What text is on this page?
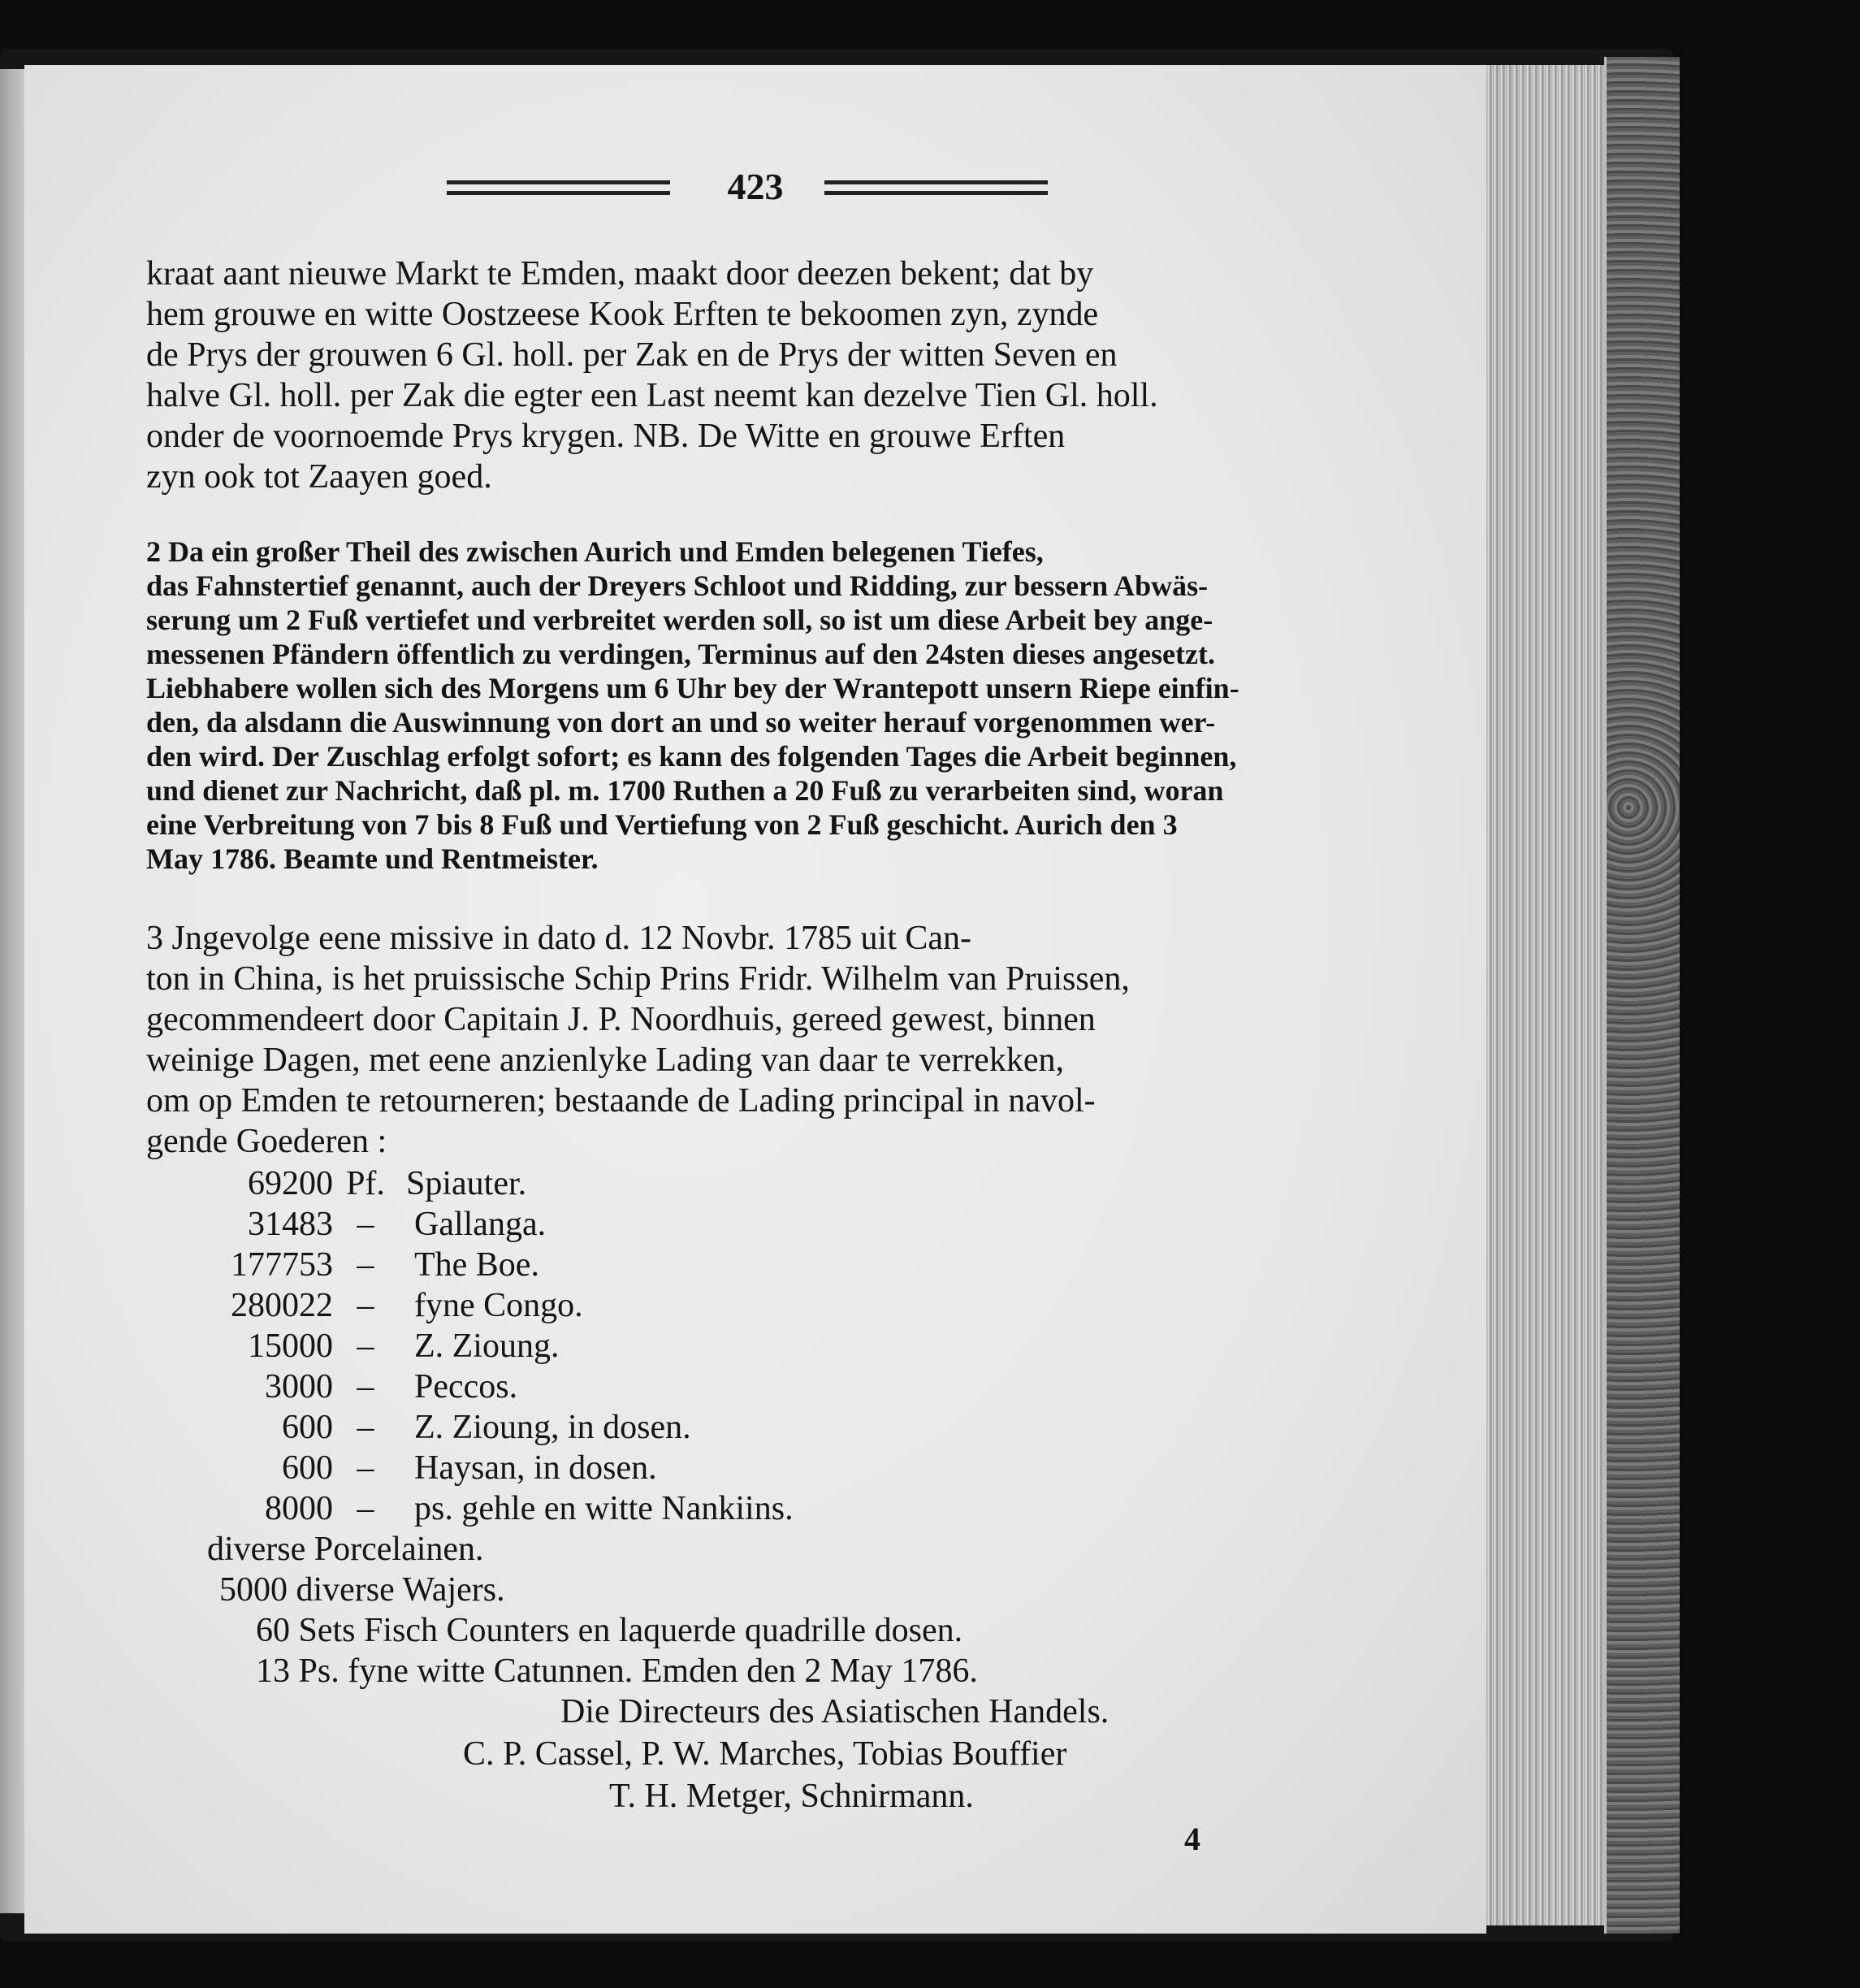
423

kraat aant nieuwe Markt te Emden, maakt door deezen bekent; dat by

hem grouwe en witte Oostzeese Kook Erften te bekoomen zyn, zynde

de Prys der grouwen 6 Gl. holl. per Zak en de Prys der witten Seven en

halve Gl. holl. per Zak die egter een Last neemt kan dezelve Tien Gl. holl.

onder de voornoemde Prys krygen. NB. De Witte en grouwe Erften

zyn ook tot Zaayen goed.

2 Da ein großer Theil des zwischen Aurich und Emden belegenen Tiefes,

das Fahnstertief genannt, auch der Dreyers Schloot und Ridding, zur bessern Abwäs-

serung um 2 Fuß vertiefet und verbreitet werden soll, so ist um diese Arbeit bey ange-

messenen Pfändern öffentlich zu verdingen, Terminus auf den 24sten dieses angesetzt.

Liebhabere wollen sich des Morgens um 6 Uhr bey der Wrantepott unsern Riepe einfin-

den, da alsdann die Auswinnung von dort an und so weiter herauf vorgenommen wer-

den wird. Der Zuschlag erfolgt sofort; es kann des folgenden Tages die Arbeit beginnen,

und dienet zur Nachricht, daß pl. m. 1700 Ruthen a 20 Fuß zu verarbeiten sind, woran

eine Verbreitung von 7 bis 8 Fuß und Vertiefung von 2 Fuß geschicht. Aurich den 3

May 1786. Beamte und Rentmeister.

3 Jngevolge eene missive in dato d. 12 Novbr. 1785 uit Can-

ton in China, is het pruissische Schip Prins Fridr. Wilhelm van Pruissen,

gecommendeert door Capitain J. P. Noordhuis, gereed gewest, binnen

weinige Dagen, met eene anzienlyke Lading van daar te verrekken,

om op Emden te retourneren; bestaande de Lading principal in navol-

gende Goederen :

69200 Pf. Spiauter.
31483 – Gallanga.
177753 – The Boe.
280022 – fyne Congo.
15000 – Z. Zioung.
3000 – Peccos.
600 – Z. Zioung, in dosen.
600 – Haysan, in dosen.
8000 – ps. gehle en witte Nankiins.

diverse Porcelainen.

5000 diverse Wajers.

60 Sets Fisch Counters en laquerde quadrille dosen.

13 Ps. fyne witte Catunnen. Emden den 2 May 1786.

Die Directeurs des Asiatischen Handels.

C. P. Cassel, P. W. Marches, Tobias Bouffier

T. H. Metger, Schnirmann.

4
